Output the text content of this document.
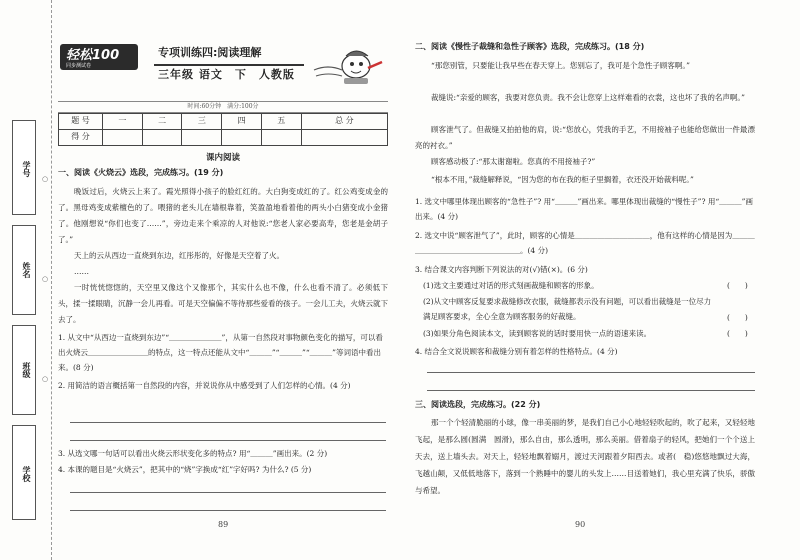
学号
姓名
班级
学校
○
○
○
轻松100
同步测试卷
专项训练四:阅读理解
三年级 语文　下　人教版
时间:60分钟　满分:100分
题 号	一	二	三	四	五	总 分
得 分						
课内阅读
一、阅读《火烧云》选段，完成练习。(19 分)
晚饭过后，火烧云上来了。霞光照得小孩子的脸红红的。大白狗变成红的了。红公鸡变成金的了。黑母鸡变成紫檀色的了。喂猪的老头儿在墙根靠着，笑盈盈地看着他的两头小白猪变成小金猪了。他刚想说“你们也变了……”，旁边走来个乘凉的人对他说:“您老人家必要高寿，您老是金胡子了。”
天上的云从西边一直烧到东边，红彤彤的，好像是天空着了火。
……
一时恍恍惚惚的，天空里又像这个又像那个，其实什么也不像，什么也看不清了。必须低下头，揉一揉眼睛，沉静一会儿再看。可是天空偏偏不等待那些爱看的孩子。一会儿工夫，火烧云就下去了。
1. 从文中“从西边一直烧到东边”“＿＿＿＿＿＿＿”，从第一自然段对事物颜色变化的描写，可以看出火烧云＿＿＿＿＿＿＿＿的特点，这一特点还能从文中“＿＿＿”“＿＿＿”“＿＿＿”等词语中看出来。(8 分)
2. 用简洁的语言概括第一自然段的内容，并说说你从中感受到了人们怎样的心情。(4 分)
3. 从选文哪一句话可以看出火烧云形状变化多的特点? 用“＿＿＿”画出来。(2 分)
4. 本课的题目是“火烧云”，把其中的“烧”字换成“红”字好吗? 为什么? (5 分)
89
二、阅读《慢性子裁缝和急性子顾客》选段，完成练习。(18 分)
“那您别管，只要能让我早些在春天穿上。您别忘了，我可是个急性子顾客啊。”
裁缝说:“亲爱的顾客，我要对您负责。我不会让您穿上这样难看的衣裳，这也坏了我的名声啊。”
顾客泄气了。但裁缝又拍拍他的肩，说:“您放心，凭我的手艺，不用接袖子也能给您做出一件最漂亮的衬衣。”
顾客感动极了:“那太谢谢啦。您真的不用接袖子?”
“根本不用，”裁缝解释说，“因为您的布在我的柜子里搁着，衣还没开始裁料呢。”
1. 选文中哪里体现出顾客的“急性子”? 用“＿＿＿”画出来。哪里体现出裁缝的“慢性子”? 用“＿＿＿”画出来。(4 分)
2. 选文中说“顾客泄气了”，此时，顾客的心情是＿＿＿＿＿＿＿＿＿＿，他有这样的心情是因为＿＿＿＿＿＿＿＿＿＿＿＿＿＿＿＿＿。(4 分)
3. 结合课文内容判断下列说法的对(√)错(×)。(6 分)
(1)选文主要通过对话的形式刻画裁缝和顾客的形象。	(　　)
(2)从文中顾客反复要求裁缝修改衣服，裁缝都表示没有问题，可以看出裁缝是一位尽力满足顾客要求，全心全意为顾客服务的好裁缝。	(　　)
(3)如果分角色阅读本文，读到顾客说的话时要用快一点的语速来读。	(　　)
4. 结合全文说说顾客和裁缝分别有着怎样的性格特点。(4 分)
三、阅读选段，完成练习。(22 分)
那一个个轻清脆丽的小球，像一串美丽的梦，是我们自己小心地轻轻吹起的，吹了起来，又轻轻地飞起，是那么圆(圆满　圆滑)，那么自由，那么透明，那么美丽。借着扇子的轻风，把她们一个个送上天去，送上墙头去。对天上，轻轻地飘着嫋月，渡过天河跟着夕阳西去。或者(　稳)悠悠地飘过大海，飞越山颠，又低低地落下，落到一个熟睡中的婴儿的头发上……目送着她们，我心里充满了快乐，骄傲与希望。
90
